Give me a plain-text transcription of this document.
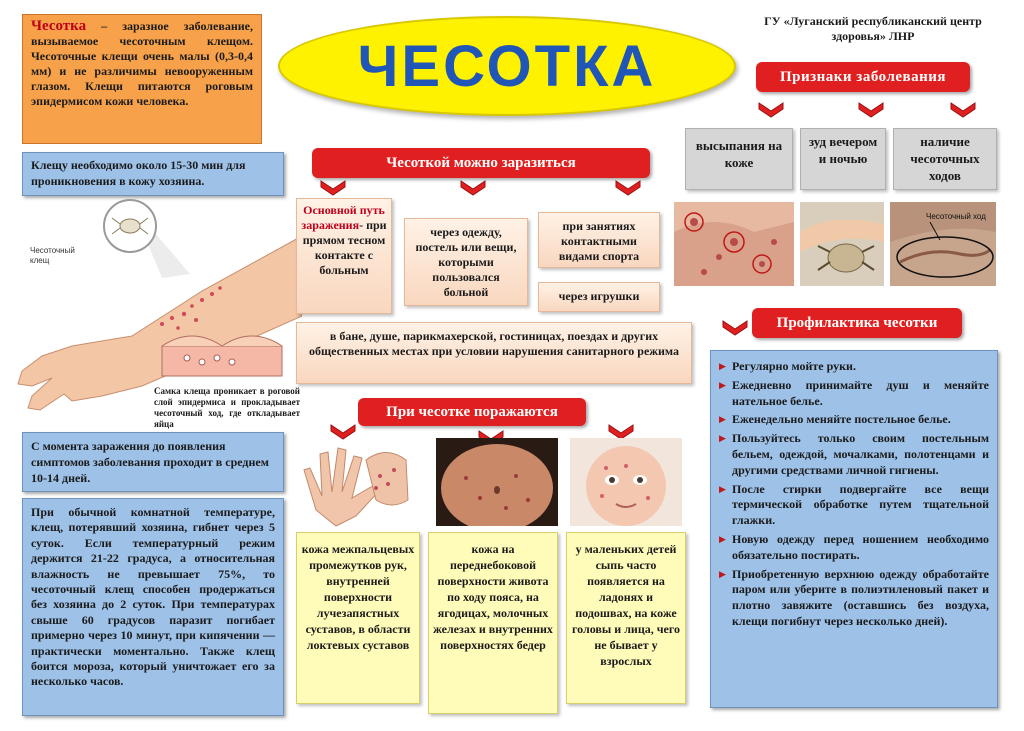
Чесотка – заразное заболевание, вызываемое чесоточным клещом. Чесоточные клещи очень малы (0,3-0,4 мм) и не различимы невооруженным глазом. Клещи питаются роговым эпидермисом кожи человека.
ЧЕСОТКА
ГУ «Луганский республиканский центр здоровья» ЛНР
Клещу необходимо около 15-30 мин для проникновения в кожу хозяина.
Чесоточный клещ
Самка клеща проникает в роговой слой эпидермиса и прокладывает чесоточный ход, где откладывает яйца
С момента заражения до появления симптомов заболевания проходит в среднем 10-14 дней.
При обычной комнатной температуре, клещ, потерявший хозяина, гибнет через 5 суток. Если температурный режим держится 21-22 градуса, а относительная влажность не превышает 75%, то чесоточный клещ способен продержаться без хозяина до 2 суток. При температурах свыше 60 градусов паразит погибает примерно через 10 минут, при кипячении — практически моментально. Также клещ боится мороза, который уничтожает его за несколько часов.
Чесоткой можно заразиться
Основной путь заражения- при прямом тесном контакте с больным
через одежду, постель или вещи, которыми пользовался больной
при занятиях контактными видами спорта
через игрушки
в бане, душе, парикмахерской, гостиницах, поездах и других общественных местах при условии нарушения санитарного режима
Признаки заболевания
высыпания на коже
зуд вечером и ночью
наличие чесоточных ходов
Чесоточный ход
При чесотке поражаются
кожа межпальцевых промежутков рук, внутренней поверхности лучезапястных суставов, в области локтевых суставов
кожа на переднебоковой поверхности живота по ходу пояса, на ягодицах, молочных железах и внутренних поверхностях бедер
у маленьких детей сыпь часто появляется на ладонях и подошвах, на коже головы и лица, чего не бывает у взрослых
Профилактика чесотки
▶ Регулярно мойте руки.
▶ Ежедневно принимайте душ и меняйте нательное белье.
▶ Еженедельно меняйте постельное белье.
▶ Пользуйтесь только своим постельным бельем, одеждой, мочалками, полотенцами и другими средствами личной гигиены.
▶ После стирки подвергайте все вещи термической обработке путем тщательной глажки.
▶ Новую одежду перед ношением необходимо обязательно постирать.
▶ Приобретенную верхнюю одежду обработайте паром или уберите в полиэтиленовый пакет и плотно завяжите (оставшись без воздуха, клещи погибнут через несколько дней).
